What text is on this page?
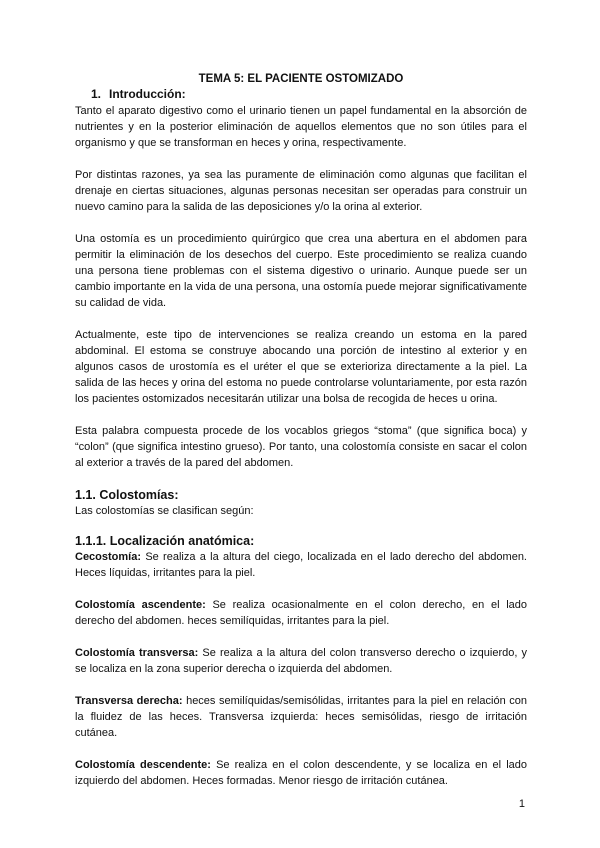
TEMA 5: EL PACIENTE OSTOMIZADO
1. Introducción:

Tanto el aparato digestivo como el urinario tienen un papel fundamental en la absorción de nutrientes y en la posterior eliminación de aquellos elementos que no son útiles para el organismo y que se transforman en heces y orina, respectivamente.

Por distintas razones, ya sea las puramente de eliminación como algunas que facilitan el drenaje en ciertas situaciones, algunas personas necesitan ser operadas para construir un nuevo camino para la salida de las deposiciones y/o la orina al exterior.

Una ostomía es un procedimiento quirúrgico que crea una abertura en el abdomen para permitir la eliminación de los desechos del cuerpo. Este procedimiento se realiza cuando una persona tiene problemas con el sistema digestivo o urinario. Aunque puede ser un cambio importante en la vida de una persona, una ostomía puede mejorar significativamente su calidad de vida.

Actualmente, este tipo de intervenciones se realiza creando un estoma en la pared abdominal. El estoma se construye abocando una porción de intestino al exterior y en algunos casos de urostomía es el uréter el que se exterioriza directamente a la piel. La salida de las heces y orina del estoma no puede controlarse voluntariamente, por esta razón los pacientes ostomizados necesitarán utilizar una bolsa de recogida de heces u orina.

Esta palabra compuesta procede de los vocablos griegos “stoma” (que significa boca) y “colon” (que significa intestino grueso). Por tanto, una colostomía consiste en sacar el colon al exterior a través de la pared del abdomen.

1.1. Colostomías:

Las colostomías se clasifican según:

1.1.1. Localización anatómica:

Cecostomía: Se realiza a la altura del ciego, localizada en el lado derecho del abdomen. Heces líquidas, irritantes para la piel.

Colostomía ascendente: Se realiza ocasionalmente en el colon derecho, en el lado derecho del abdomen. heces semilíquidas, irritantes para la piel.

Colostomía transversa: Se realiza a la altura del colon transverso derecho o izquierdo, y se localiza en la zona superior derecha o izquierda del abdomen.

Transversa derecha: heces semilíquidas/semisólidas, irritantes para la piel en relación con la fluidez de las heces. Transversa izquierda: heces semisólidas, riesgo de irritación cutánea.

Colostomía descendente: Se realiza en el colon descendente, y se localiza en el lado izquierdo del abdomen. Heces formadas. Menor riesgo de irritación cutánea.

1
